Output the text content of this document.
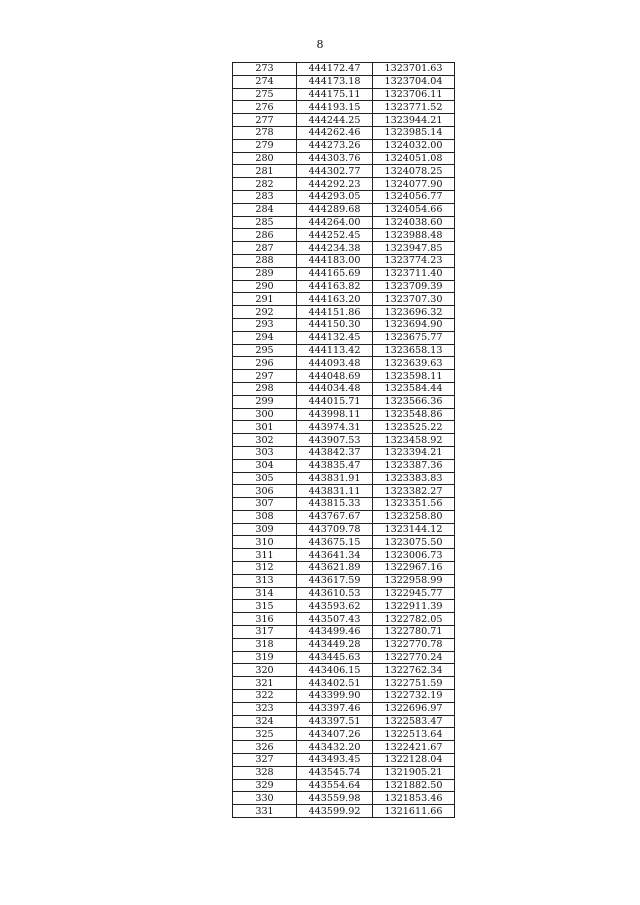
8
273	444172.47	1323701.63
274	444173.18	1323704.04
275	444175.11	1323706.11
276	444193.15	1323771.52
277	444244.25	1323944.21
278	444262.46	1323985.14
279	444273.26	1324032.00
280	444303.76	1324051.08
281	444302.77	1324078.25
282	444292.23	1324077.90
283	444293.05	1324056.77
284	444289.68	1324054.66
285	444264.00	1324038.60
286	444252.45	1323988.48
287	444234.38	1323947.85
288	444183.00	1323774.23
289	444165.69	1323711.40
290	444163.82	1323709.39
291	444163.20	1323707.30
292	444151.86	1323696.32
293	444150.30	1323694.90
294	444132.45	1323675.77
295	444113.42	1323658.13
296	444093.48	1323639.63
297	444048.69	1323598.11
298	444034.48	1323584.44
299	444015.71	1323566.36
300	443998.11	1323548.86
301	443974.31	1323525.22
302	443907.53	1323458.92
303	443842.37	1323394.21
304	443835.47	1323387.36
305	443831.91	1323383.83
306	443831.11	1323382.27
307	443815.33	1323351.56
308	443767.67	1323258.80
309	443709.78	1323144.12
310	443675.15	1323075.50
311	443641.34	1323006.73
312	443621.89	1322967.16
313	443617.59	1322958.99
314	443610.53	1322945.77
315	443593.62	1322911.39
316	443507.43	1322782.05
317	443499.46	1322780.71
318	443449.28	1322770.78
319	443445.63	1322770.24
320	443406.15	1322762.34
321	443402.51	1322751.59
322	443399.90	1322732.19
323	443397.46	1322696.97
324	443397.51	1322583.47
325	443407.26	1322513.64
326	443432.20	1322421.67
327	443493.45	1322128.04
328	443545.74	1321905.21
329	443554.64	1321882.50
330	443559.98	1321853.46
331	443599.92	1321611.66
